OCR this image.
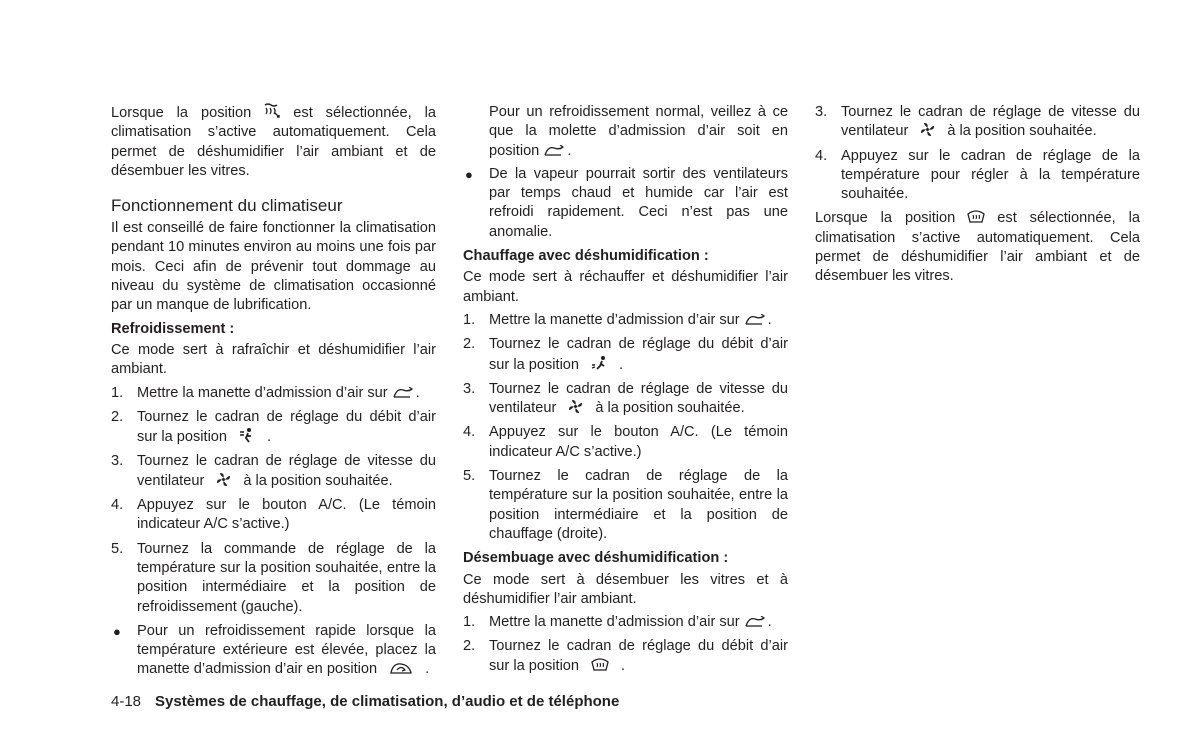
Lorsque la position	est sélectionnée, la climatisation s’active automatiquement. Cela permet de déshumidifier l’air ambiant et de désembuer les vitres.

Fonctionnement du climatiseur

Il est conseillé de faire fonctionner la climatisation pendant 10 minutes environ au moins une fois par mois. Ceci afin de prévenir tout dommage au niveau du système de climatisation occasionné par un manque de lubrification.

Refroidissement :

Ce mode sert à rafraîchir et déshumidifier l’air ambiant.

1. Mettre la manette d’admission d’air sur .
2. Tournez le cadran de réglage du débit d’air sur la position	.
3. Tournez le cadran de réglage de vitesse du ventilateur	à la position souhaitée.
4. Appuyez sur le bouton A/C. (Le témoin indicateur A/C s’active.)
5. Tournez la commande de réglage de la température sur la position souhaitée, entre la position intermédiaire et la position de refroidissement (gauche).
● Pour un refroidissement rapide lorsque la température extérieure est élevée, placez la manette d’admission d’air en position	.

Pour un refroidissement normal, veillez à ce que la molette d’admission d’air soit en position .

● De la vapeur pourrait sortir des ventilateurs par temps chaud et humide car l’air est refroidi rapidement. Ceci n’est pas une anomalie.

Chauffage avec déshumidification :

Ce mode sert à réchauffer et déshumidifier l’air ambiant.

1. Mettre la manette d’admission d’air sur .
2. Tournez le cadran de réglage du débit d’air sur la position	.
3. Tournez le cadran de réglage de vitesse du ventilateur	à la position souhaitée.
4. Appuyez sur le bouton A/C. (Le témoin indicateur A/C s’active.)
5. Tournez le cadran de réglage de la température sur la position souhaitée, entre la position intermédiaire et la position de chauffage (droite).

Désembuage avec déshumidification :

Ce mode sert à désembuer les vitres et à déshumidifier l’air ambiant.

1. Mettre la manette d’admission d’air sur .
2. Tournez le cadran de réglage du débit d’air sur la position	.
3. Tournez le cadran de réglage de vitesse du ventilateur	à la position souhaitée.
4. Appuyez sur le cadran de réglage de la température pour régler à la température souhaitée.

Lorsque la position	est sélectionnée, la climatisation s’active automatiquement. Cela permet de déshumidifier l’air ambiant et de désembuer les vitres.

4-18 Systèmes de chauffage, de climatisation, d’audio et de téléphone
